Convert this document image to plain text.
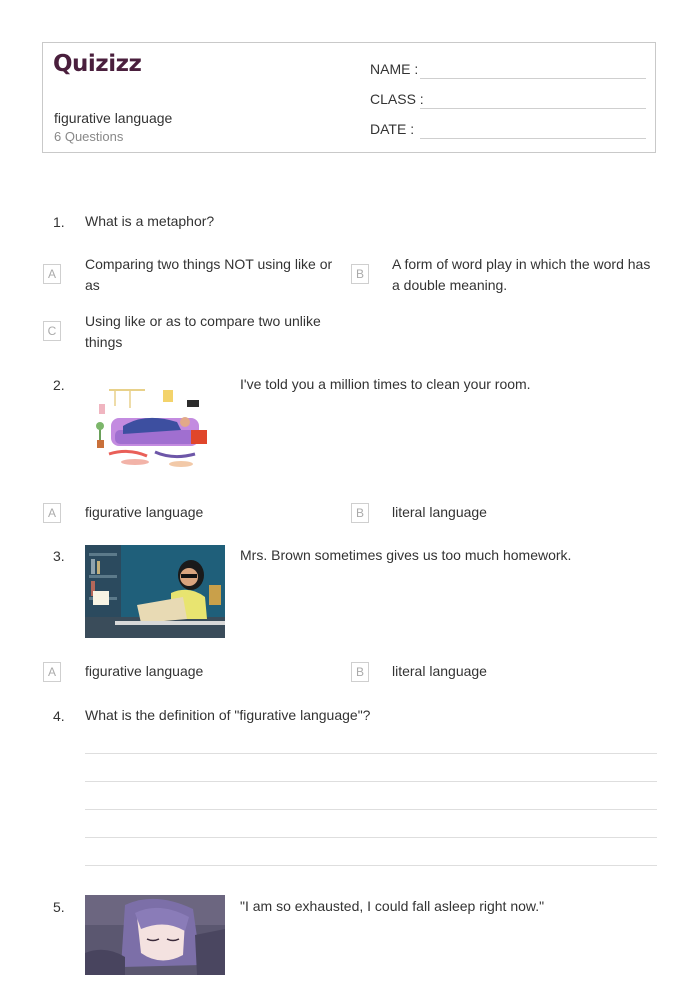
Quizizz
figurative language
6 Questions
NAME :
CLASS :
DATE :
1. What is a metaphor?
A
Comparing two things NOT using like or as
B
A form of word play in which the word has a double meaning.
C
Using like or as to compare two unlike things
2.	I've told you a million times to clean your room.
A	figurative language	B	literal language
3.	Mrs. Brown sometimes gives us too much homework.
A	figurative language	B	literal language
4. What is the definition of "figurative language"?
5.	"I am so exhausted, I could fall asleep right now."
